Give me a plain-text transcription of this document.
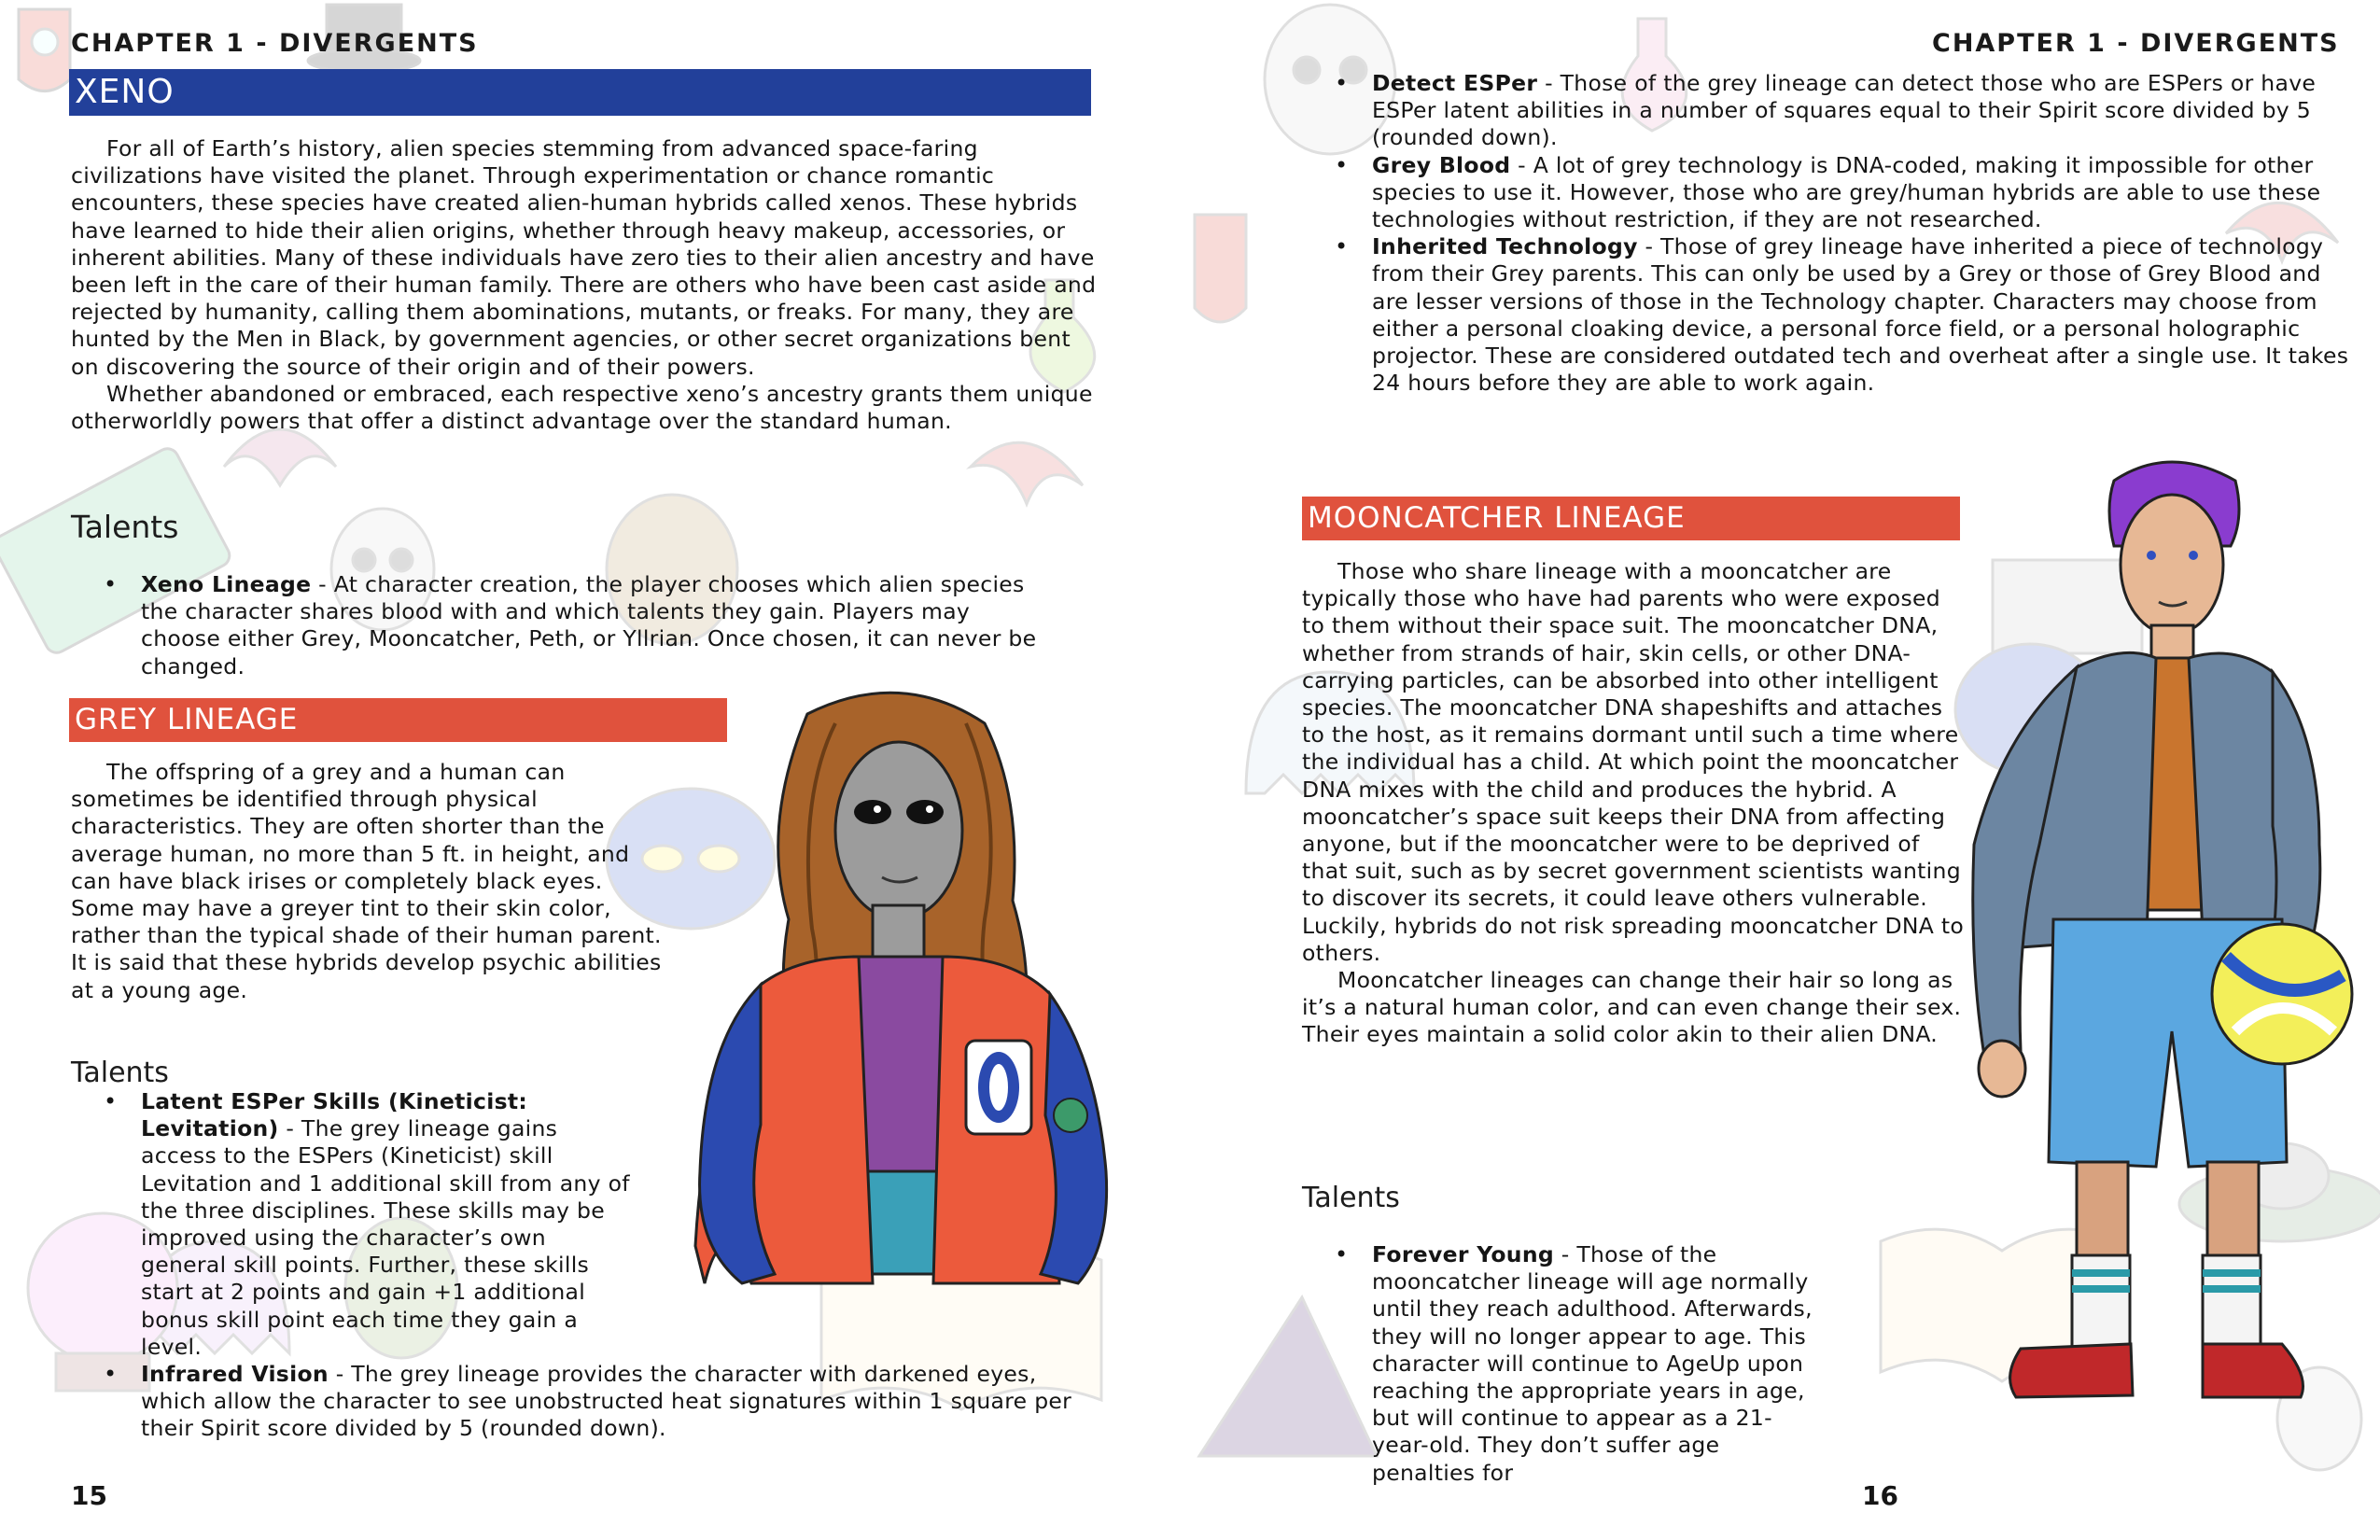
CHAPTER 1 - DIVERGENTS
XENO

For all of Earth’s history, alien species stemming from advanced space-faring civilizations have visited the planet. Through experimentation or chance romantic encounters, these species have created alien-human hybrids called xenos. These hybrids have learned to hide their alien origins, whether through heavy makeup, accessories, or inherent abilities. Many of these individuals have zero ties to their alien ancestry and have been left in the care of their human family. There are others who have been cast aside and rejected by humanity, calling them abominations, mutants, or freaks. For many, they are hunted by the Men in Black, by government agencies, or other secret organizations bent on discovering the source of their origin and of their powers.

Whether abandoned or embraced, each respective xeno’s ancestry grants them unique otherworldly powers that offer a distinct advantage over the standard human.

Talents
• Xeno Lineage - At character creation, the player chooses which alien species the character shares blood with and which talents they gain. Players may choose either Grey, Mooncatcher, Peth, or Yllrian. Once chosen, it can never be changed.
GREY LINEAGE

The offspring of a grey and a human can sometimes be identified through physical characteristics. They are often shorter than the average human, no more than 5 ft. in height, and can have black irises or completely black eyes. Some may have a greyer tint to their skin color, rather than the typical shade of their human parent. It is said that these hybrids develop psychic abilities at a young age.

Talents
• Latent ESPer Skills (Kineticist: Levitation) - The grey lineage gains access to the ESPers (Kineticist) skill Levitation and 1 additional skill from any of the three disciplines. These skills may be improved using the character’s own general skill points. Further, these skills start at 2 points and gain +1 additional bonus skill point each time they gain a level.
• Infrared Vision - The grey lineage provides the character with darkened eyes, which allow the character to see unobstructed heat signatures within 1 square per their Spirit score divided by 5 (rounded down).
15
CHAPTER 1 - DIVERGENTS
• Detect ESPer - Those of the grey lineage can detect those who are ESPers or have ESPer latent abilities in a number of squares equal to their Spirit score divided by 5 (rounded down).
• Grey Blood - A lot of grey technology is DNA-coded, making it impossible for other species to use it. However, those who are grey/human hybrids are able to use these technologies without restriction, if they are not researched.
• Inherited Technology - Those of grey lineage have inherited a piece of technology from their Grey parents. This can only be used by a Grey or those of Grey Blood and are lesser versions of those in the Technology chapter. Characters may choose from either a personal cloaking device, a personal force field, or a personal holographic projector. These are considered outdated tech and overheat after a single use. It takes 24 hours before they are able to work again.
MOONCATCHER LINEAGE

Those who share lineage with a mooncatcher are typically those who have had parents who were exposed to them without their space suit. The mooncatcher DNA, whether from strands of hair, skin cells, or other DNA-carrying particles, can be absorbed into other intelligent species. The mooncatcher DNA shapeshifts and attaches to the host, as it remains dormant until such a time where the individual has a child. At which point the mooncatcher DNA mixes with the child and produces the hybrid. A mooncatcher’s space suit keeps their DNA from affecting anyone, but if the mooncatcher were to be deprived of that suit, such as by secret government scientists wanting to discover its secrets, it could leave others vulnerable. Luckily, hybrids do not risk spreading mooncatcher DNA to others.

Mooncatcher lineages can change their hair so long as it’s a natural human color, and can even change their sex. Their eyes maintain a solid color akin to their alien DNA.

Talents
• Forever Young - Those of the mooncatcher lineage will age normally until they reach adulthood. Afterwards, they will no longer appear to age. This character will continue to AgeUp upon reaching the appropriate years in age, but will continue to appear as a 21-year-old. They don’t suffer age penalties for
16
